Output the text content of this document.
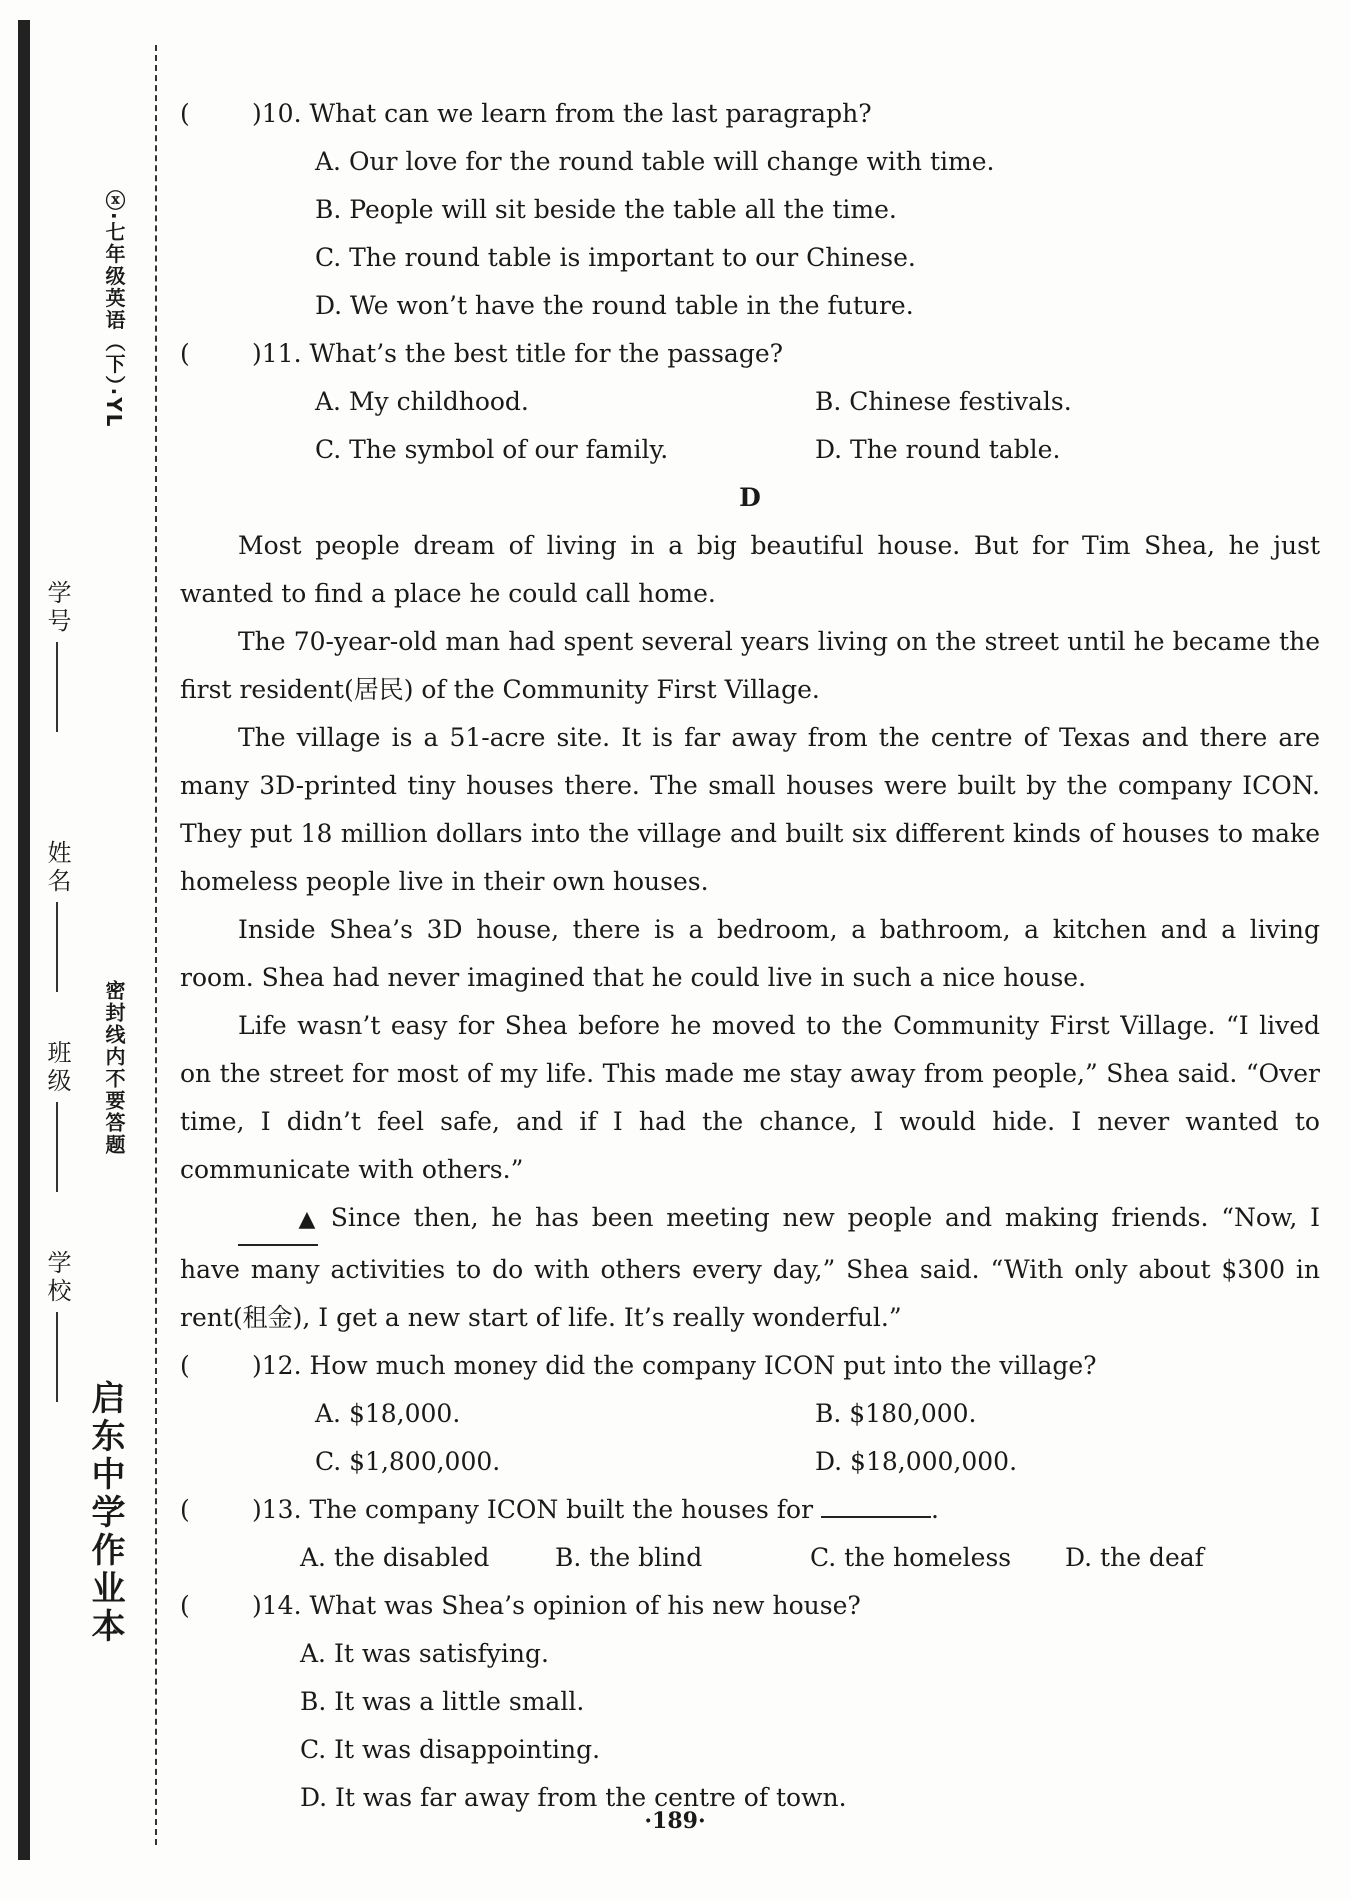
ⓧ·七年级英语（下）·YL
密封线内不要答题
启东中学作业本
学校
班级
姓名
学号
( )10. What can we learn from the last paragraph?
A. Our love for the round table will change with time.
B. People will sit beside the table all the time.
C. The round table is important to our Chinese.
D. We won’t have the round table in the future.
( )11. What’s the best title for the passage?
A. My childhood.	B. Chinese festivals.
C. The symbol of our family.	D. The round table.
D
Most people dream of living in a big beautiful house. But for Tim Shea, he just wanted to find a place he could call home.
The 70-year-old man had spent several years living on the street until he became the first resident(居民) of the Community First Village.
The village is a 51-acre site. It is far away from the centre of Texas and there are many 3D-printed tiny houses there. The small houses were built by the company ICON. They put 18 million dollars into the village and built six different kinds of houses to make homeless people live in their own houses.
Inside Shea’s 3D house, there is a bedroom, a bathroom, a kitchen and a living room. Shea had never imagined that he could live in such a nice house.
Life wasn’t easy for Shea before he moved to the Community First Village. “I lived on the street for most of my life. This made me stay away from people,” Shea said. “Over time, I didn’t feel safe, and if I had the chance, I would hide. I never wanted to communicate with others.”
▲ Since then, he has been meeting new people and making friends. “Now, I have many activities to do with others every day,” Shea said. “With only about $300 in rent(租金), I get a new start of life. It’s really wonderful.”
( )12. How much money did the company ICON put into the village?
A. $18,000.	B. $180,000.
C. $1,800,000.	D. $18,000,000.
( )13. The company ICON built the houses for	.
A. the disabled	B. the blind	C. the homeless	D. the deaf
( )14. What was Shea’s opinion of his new house?
A. It was satisfying.
B. It was a little small.
C. It was disappointing.
D. It was far away from the centre of town.
·189·
